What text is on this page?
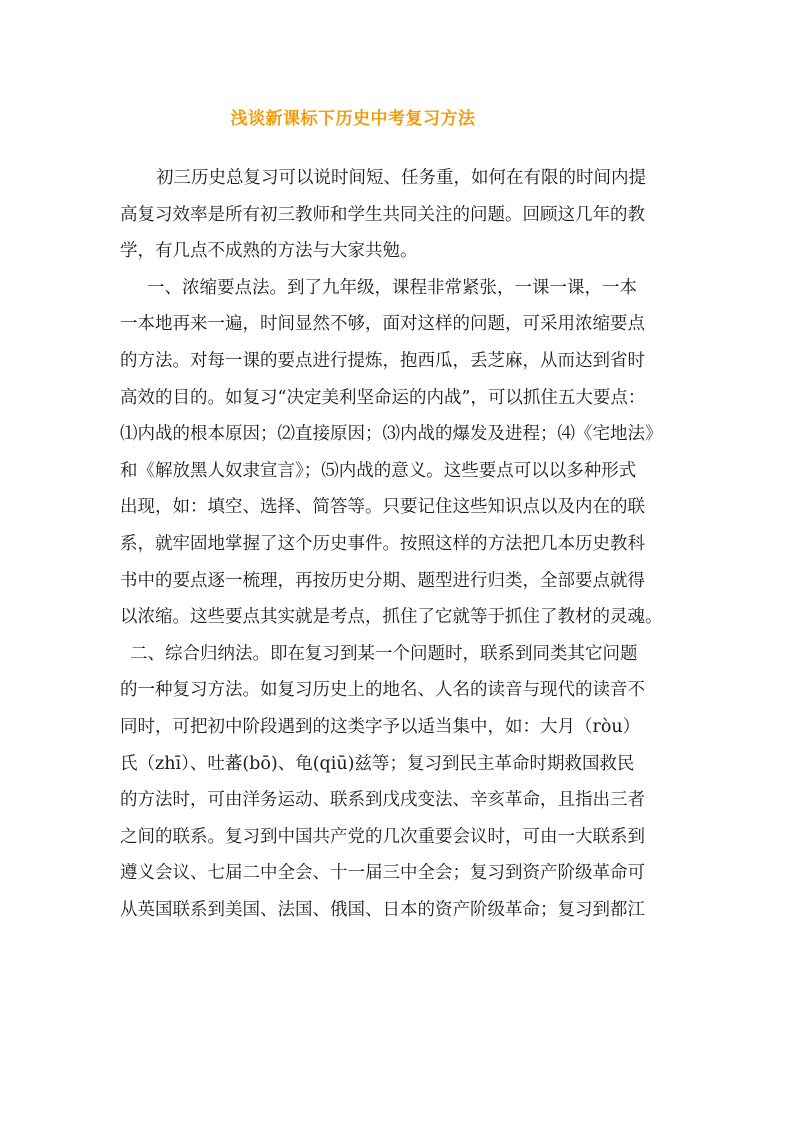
浅谈新课标下历史中考复习方法
初三历史总复习可以说时间短、任务重，如何在有限的时间内提
高复习效率是所有初三教师和学生共同关注的问题。回顾这几年的教
学，有几点不成熟的方法与大家共勉。
一、浓缩要点法。到了九年级，课程非常紧张，一课一课，一本
一本地再来一遍，时间显然不够，面对这样的问题，可采用浓缩要点
的方法。对每一课的要点进行提炼，抱西瓜，丢芝麻，从而达到省时
高效的目的。如复习“决定美利坚命运的内战”，可以抓住五大要点：
⑴内战的根本原因；⑵直接原因；⑶内战的爆发及进程；⑷《宅地法》
和《解放黑人奴隶宣言》；⑸内战的意义。这些要点可以以多种形式
出现，如：填空、选择、简答等。只要记住这些知识点以及内在的联
系，就牢固地掌握了这个历史事件。按照这样的方法把几本历史教科
书中的要点逐一梳理，再按历史分期、题型进行归类，全部要点就得
以浓缩。这些要点其实就是考点，抓住了它就等于抓住了教材的灵魂。
二、综合归纳法。即在复习到某一个问题时，联系到同类其它问题
的一种复习方法。如复习历史上的地名、人名的读音与现代的读音不
同时，可把初中阶段遇到的这类字予以适当集中，如：大月（ròu）
氏（zhī）、吐蕃(bō)、龟(qiū)兹等；复习到民主革命时期救国救民
的方法时，可由洋务运动、联系到戊戌变法、辛亥革命，且指出三者
之间的联系。复习到中国共产党的几次重要会议时，可由一大联系到
遵义会议、七届二中全会、十一届三中全会；复习到资产阶级革命可
从英国联系到美国、法国、俄国、日本的资产阶级革命；复习到都江
